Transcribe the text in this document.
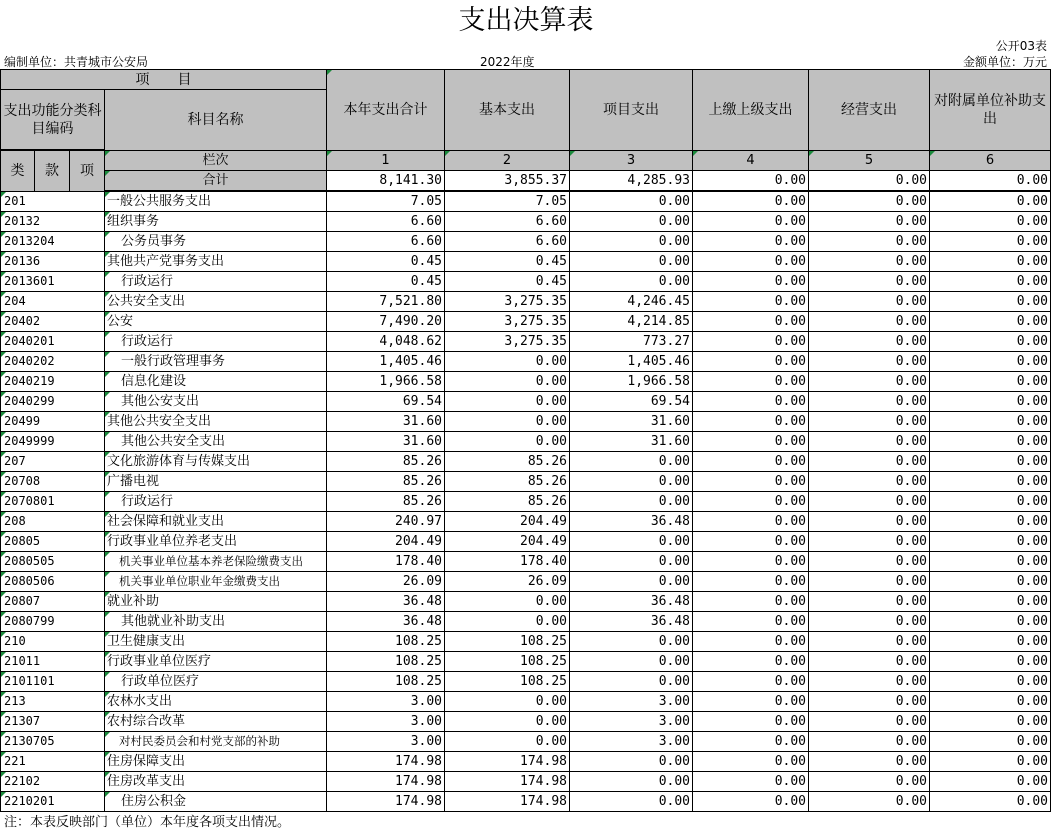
支出决算表
公开03表
编制单位：共青城市公安局	2022年度	金额单位：万元
项　　目				本年支出合计	基本支出	项目支出	上缴上级支出	经营支出	对附属单位补助支出
支出功能分类科目编码			科目名称						

类	款	项	栏次	1	2	3	4	5	6
			合计	8,141.30	3,855.37	4,285.93	0.00	0.00	0.00

201			一般公共服务支出	7.05	7.05	0.00	0.00	0.00	0.00
20132			组织事务	6.60	6.60	0.00	0.00	0.00	0.00
2013204			公务员事务	6.60	6.60	0.00	0.00	0.00	0.00
20136			其他共产党事务支出	0.45	0.45	0.00	0.00	0.00	0.00
2013601			行政运行	0.45	0.45	0.00	0.00	0.00	0.00
204			公共安全支出	7,521.80	3,275.35	4,246.45	0.00	0.00	0.00
20402			公安	7,490.20	3,275.35	4,214.85	0.00	0.00	0.00
2040201			行政运行	4,048.62	3,275.35	773.27	0.00	0.00	0.00
2040202			一般行政管理事务	1,405.46	0.00	1,405.46	0.00	0.00	0.00
2040219			信息化建设	1,966.58	0.00	1,966.58	0.00	0.00	0.00
2040299			其他公安支出	69.54	0.00	69.54	0.00	0.00	0.00
20499			其他公共安全支出	31.60	0.00	31.60	0.00	0.00	0.00
2049999			其他公共安全支出	31.60	0.00	31.60	0.00	0.00	0.00
207			文化旅游体育与传媒支出	85.26	85.26	0.00	0.00	0.00	0.00
20708			广播电视	85.26	85.26	0.00	0.00	0.00	0.00
2070801			行政运行	85.26	85.26	0.00	0.00	0.00	0.00
208			社会保障和就业支出	240.97	204.49	36.48	0.00	0.00	0.00
20805			行政事业单位养老支出	204.49	204.49	0.00	0.00	0.00	0.00
2080505			机关事业单位基本养老保险缴费支出	178.40	178.40	0.00	0.00	0.00	0.00
2080506			机关事业单位职业年金缴费支出	26.09	26.09	0.00	0.00	0.00	0.00
20807			就业补助	36.48	0.00	36.48	0.00	0.00	0.00
2080799			其他就业补助支出	36.48	0.00	36.48	0.00	0.00	0.00
210			卫生健康支出	108.25	108.25	0.00	0.00	0.00	0.00
21011			行政事业单位医疗	108.25	108.25	0.00	0.00	0.00	0.00
2101101			行政单位医疗	108.25	108.25	0.00	0.00	0.00	0.00
213			农林水支出	3.00	0.00	3.00	0.00	0.00	0.00
21307			农村综合改革	3.00	0.00	3.00	0.00	0.00	0.00
2130705			对村民委员会和村党支部的补助	3.00	0.00	3.00	0.00	0.00	0.00
221			住房保障支出	174.98	174.98	0.00	0.00	0.00	0.00
22102			住房改革支出	174.98	174.98	0.00	0.00	0.00	0.00
2210201			住房公积金	174.98	174.98	0.00	0.00	0.00	0.00
注：本表反映部门（单位）本年度各项支出情况。
